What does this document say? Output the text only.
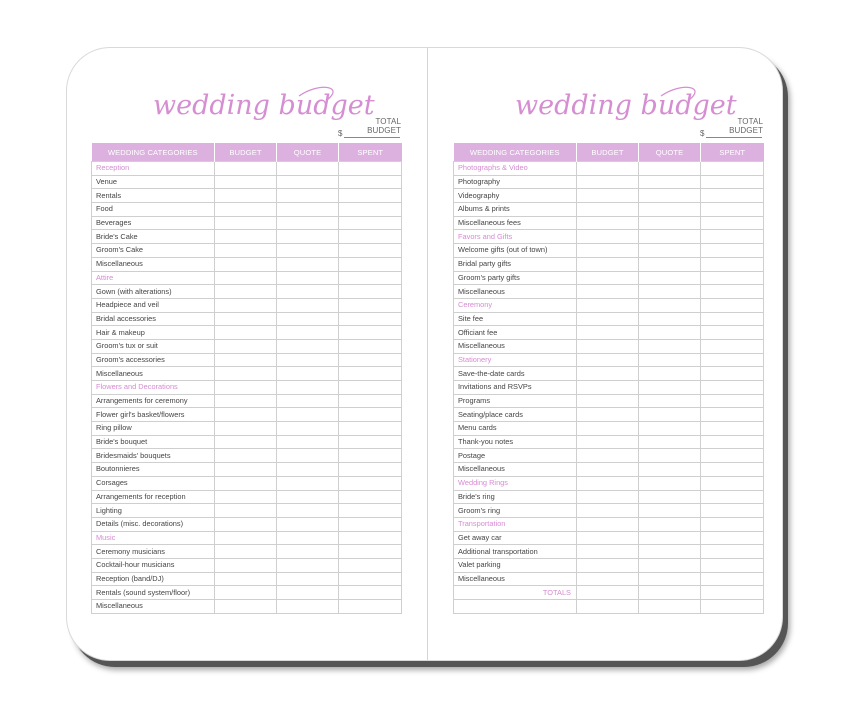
wedding budget
TOTAL BUDGET
$
WEDDING CATEGORIES	BUDGET	QUOTE	SPENT
Reception			
Venue			
Rentals			
Food			
Beverages			
Bride's Cake			
Groom's Cake			
Miscellaneous			
Attire			
Gown (with alterations)			
Headpiece and veil			
Bridal accessories			
Hair & makeup			
Groom's tux or suit			
Groom's accessories			
Miscellaneous			
Flowers and Decorations			
Arrangements for ceremony			
Flower girl's basket/flowers			
Ring pillow			
Bride's bouquet			
Bridesmaids' bouquets			
Boutonnieres			
Corsages			
Arrangements for reception			
Lighting			
Details (misc. decorations)			
Music			
Ceremony musicians			
Cocktail-hour musicians			
Reception (band/DJ)			
Rentals (sound system/floor)			
Miscellaneous			
wedding budget
TOTAL BUDGET
$
WEDDING CATEGORIES	BUDGET	QUOTE	SPENT
Photographs & Video			
Photography			
Videography			
Albums & prints			
Miscellaneous fees			
Favors and Gifts			
Welcome gifts (out of town)			
Bridal party gifts			
Groom's party gifts			
Miscellaneous			
Ceremony			
Site fee			
Officiant fee			
Miscellaneous			
Stationery			
Save-the-date cards			
Invitations and RSVPs			
Programs			
Seating/place cards			
Menu cards			
Thank-you notes			
Postage			
Miscellaneous			
Wedding Rings			
Bride's ring			
Groom's ring			
Transportation			
Get away car			
Additional transportation			
Valet parking			
Miscellaneous			
TOTALS			
